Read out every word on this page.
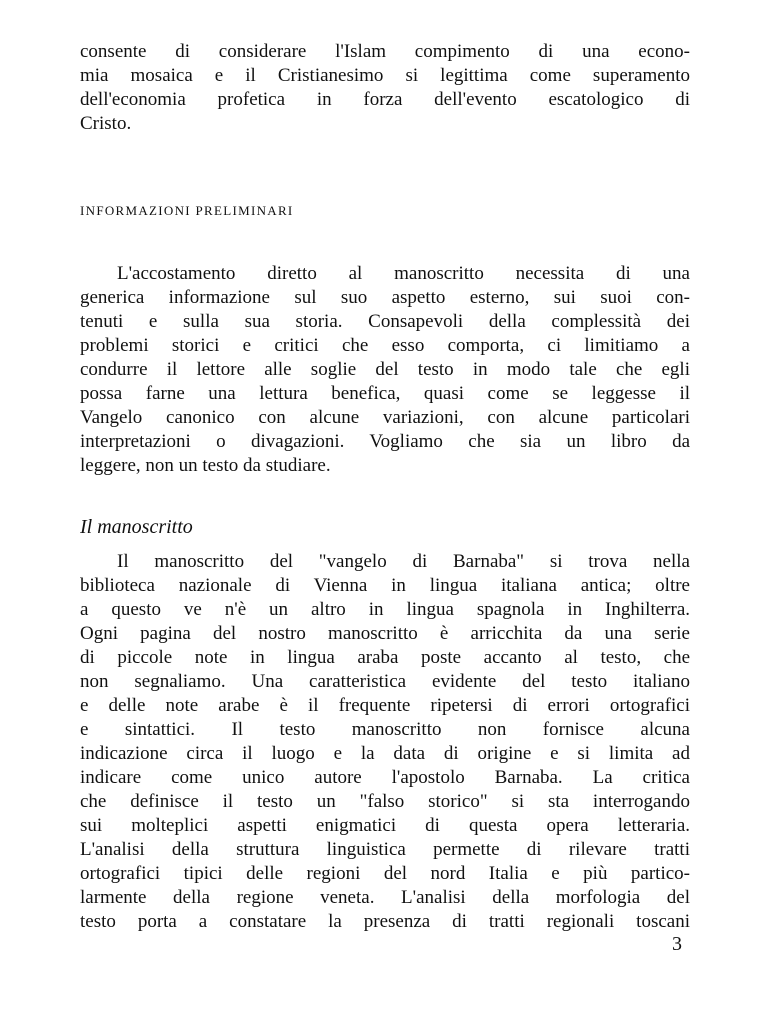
consente di considerare l'Islam compimento di una econo-
mia mosaica e il Cristianesimo si legittima come superamento
dell'economia profetica in forza dell'evento escatologico di
Cristo.
INFORMAZIONI PRELIMINARI
L'accostamento diretto al manoscritto necessita di una
generica informazione sul suo aspetto esterno, sui suoi con-
tenuti e sulla sua storia. Consapevoli della complessità dei
problemi storici e critici che esso comporta, ci limitiamo a
condurre il lettore alle soglie del testo in modo tale che egli
possa farne una lettura benefica, quasi come se leggesse il
Vangelo canonico con alcune variazioni, con alcune particolari
interpretazioni o divagazioni. Vogliamo che sia un libro da
leggere, non un testo da studiare.
Il manoscritto
Il manoscritto del "vangelo di Barnaba" si trova nella
biblioteca nazionale di Vienna in lingua italiana antica; oltre
a questo ve n'è un altro in lingua spagnola in Inghilterra.
Ogni pagina del nostro manoscritto è arricchita da una serie
di piccole note in lingua araba poste accanto al testo, che
non segnaliamo. Una caratteristica evidente del testo italiano
e delle note arabe è il frequente ripetersi di errori ortografici
e sintattici. Il testo manoscritto non fornisce alcuna
indicazione circa il luogo e la data di origine e si limita ad
indicare come unico autore l'apostolo Barnaba. La critica
che definisce il testo un "falso storico" si sta interrogando
sui molteplici aspetti enigmatici di questa opera letteraria.
L'analisi della struttura linguistica permette di rilevare tratti
ortografici tipici delle regioni del nord Italia e più partico-
larmente della regione veneta. L'analisi della morfologia del
testo porta a constatare la presenza di tratti regionali toscani
3
